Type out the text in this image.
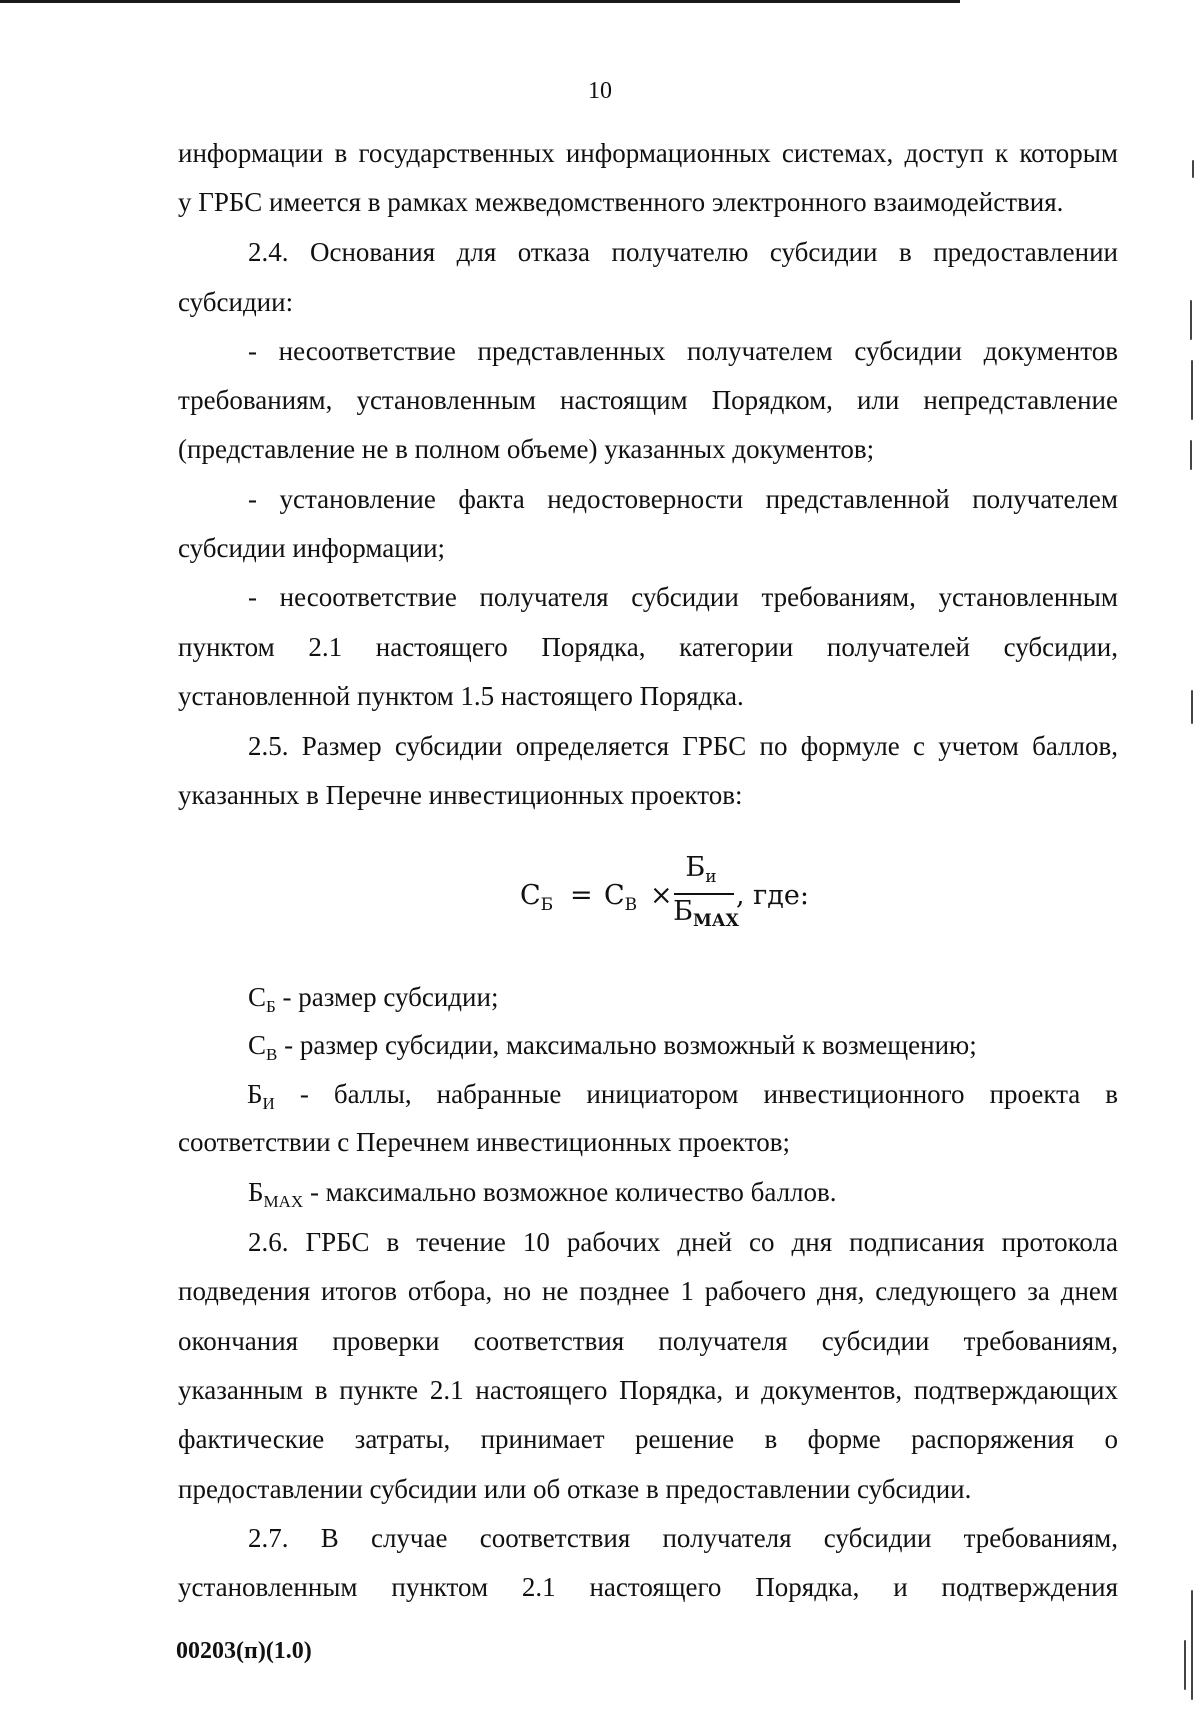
10
информации в государственных информационных системах, доступ к которым
у ГРБС имеется в рамках межведомственного электронного взаимодействия.
2.4. Основания для отказа получателю субсидии в предоставлении
субсидии:
- несоответствие представленных получателем субсидии документов
требованиям, установленным настоящим Порядком, или непредставление
(представление не в полном объеме) указанных документов;
- установление факта недостоверности представленной получателем
субсидии информации;
- несоответствие получателя субсидии требованиям, установленным
пунктом 2.1 настоящего Порядка, категории получателей субсидии,
установленной пунктом 1.5 настоящего Порядка.
2.5. Размер субсидии определяется ГРБС по формуле с учетом баллов,
указанных в Перечне инвестиционных проектов:
$С_Б = С_В$ ×
$Б_и$
$Б_{МАХ}$
, где:
$С_Б$ - размер субсидии;
$С_В$ - размер субсидии, максимально возможный к возмещению;
$Б_И$ - баллы, набранные инициатором инвестиционного проекта в
соответствии с Перечнем инвестиционных проектов;
$Б_{МАХ}$ - максимально возможное количество баллов.
2.6. ГРБС в течение 10 рабочих дней со дня подписания протокола
подведения итогов отбора, но не позднее 1 рабочего дня, следующего за днем
окончания проверки соответствия получателя субсидии требованиям,
указанным в пункте 2.1 настоящего Порядка, и документов, подтверждающих
фактические затраты, принимает решение в форме распоряжения о
предоставлении субсидии или об отказе в предоставлении субсидии.
2.7. В случае соответствия получателя субсидии требованиям,
установленным пунктом 2.1 настоящего Порядка, и подтверждения
00203(п)(1.0)
